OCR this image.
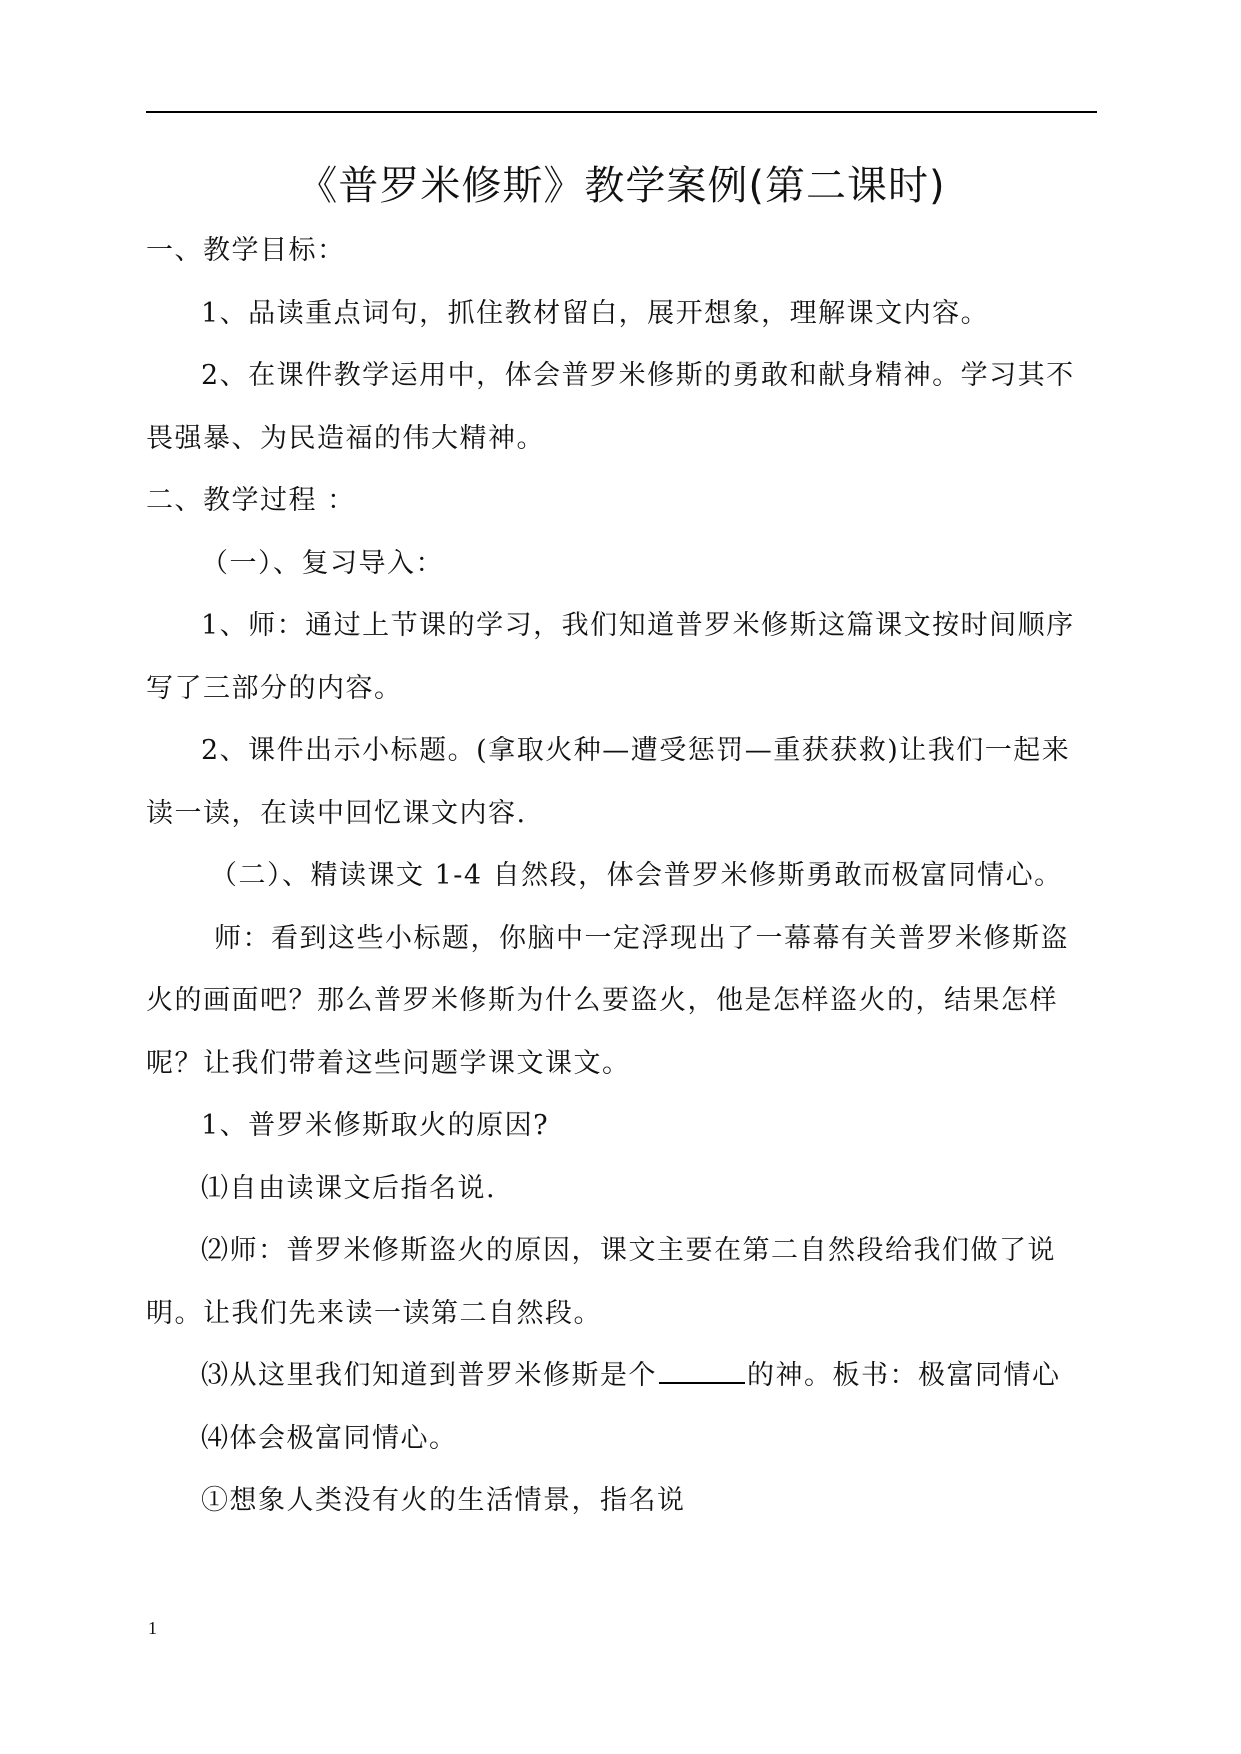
《普罗米修斯》教学案例(第二课时)

一、教学目标：

1、品读重点词句，抓住教材留白，展开想象，理解课文内容。

2、在课件教学运用中，体会普罗米修斯的勇敢和献身精神。学习其不

畏强暴、为民造福的伟大精神。

二、教学过程 ：

（一）、复习导入：

1、师：通过上节课的学习，我们知道普罗米修斯这篇课文按时间顺序

写了三部分的内容。

2、课件出示小标题。(拿取火种—遭受惩罚—重获获救)让我们一起来

读一读，在读中回忆课文内容.

（二）、精读课文 1-4 自然段，体会普罗米修斯勇敢而极富同情心。

师：看到这些小标题，你脑中一定浮现出了一幕幕有关普罗米修斯盗

火的画面吧？那么普罗米修斯为什么要盗火，他是怎样盗火的，结果怎样

呢？让我们带着这些问题学课文课文。

1、普罗米修斯取火的原因?

⑴自由读课文后指名说.

⑵师：普罗米修斯盗火的原因，课文主要在第二自然段给我们做了说

明。让我们先来读一读第二自然段。

⑶从这里我们知道到普罗米修斯是个	的神。板书：极富同情心

⑷体会极富同情心。

①想象人类没有火的生活情景，指名说

1
